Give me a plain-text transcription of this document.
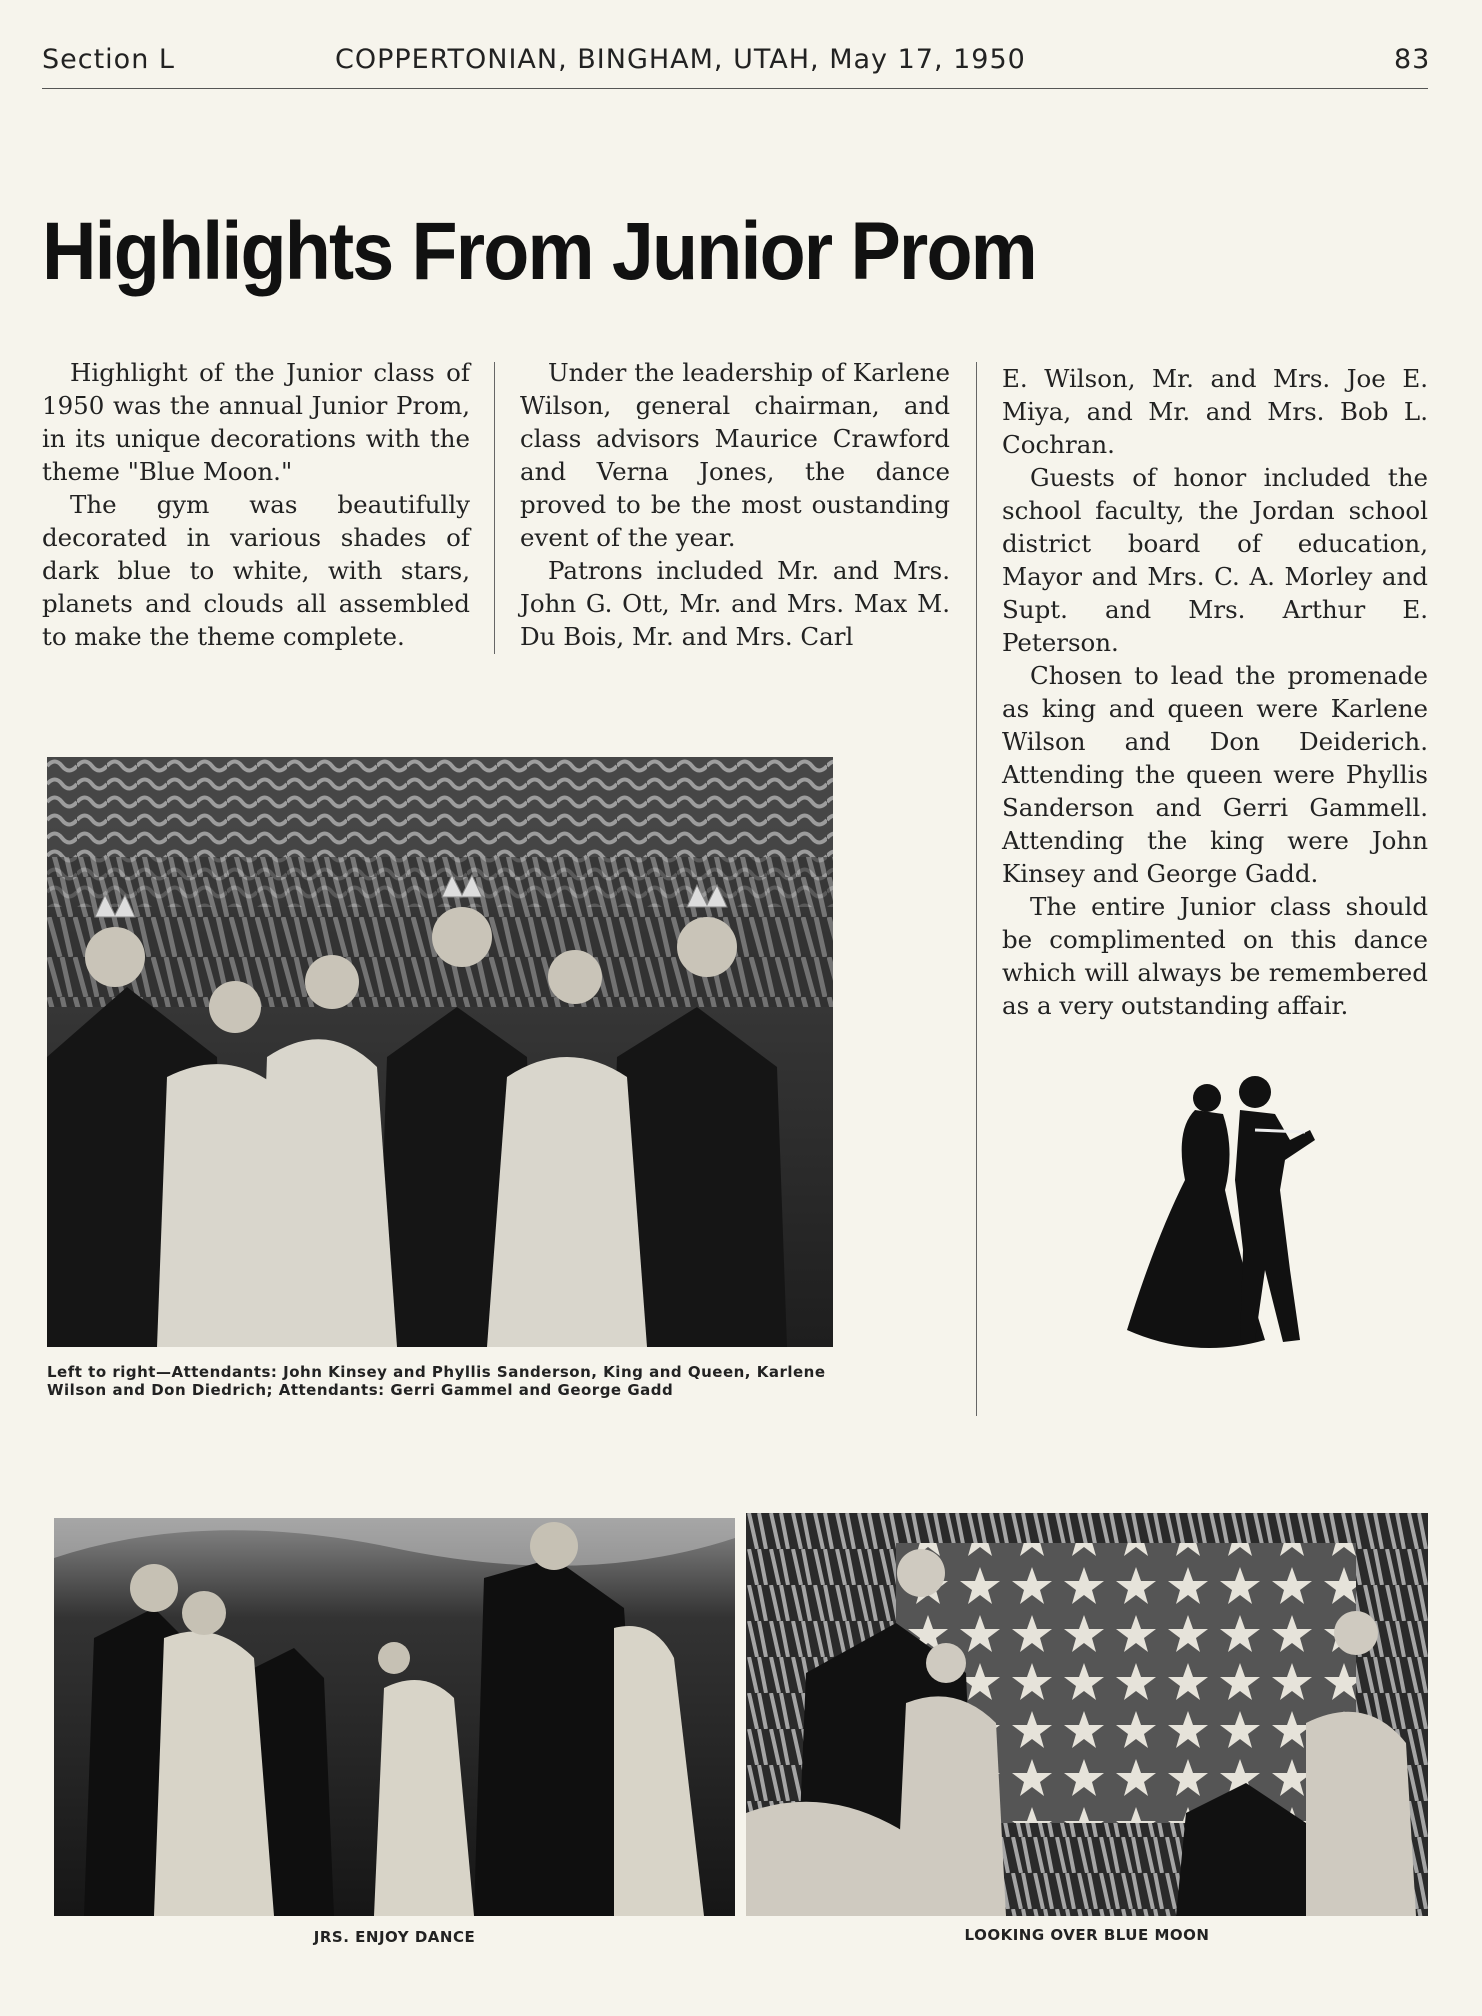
Section L	COPPERTONIAN, BINGHAM, UTAH, May 17, 1950	83
Highlights From Junior Prom

Highlight of the Junior class of 1950 was the annual Junior Prom, in its unique decorations with the theme "Blue Moon."

The gym was beautifully decorated in various shades of dark blue to white, with stars, planets and clouds all assembled to make the theme complete.

Under the leadership of Karlene Wilson, general chairman, and class advisors Maurice Crawford and Verna Jones, the dance proved to be the most oustanding event of the year.

Patrons included Mr. and Mrs. John G. Ott, Mr. and Mrs. Max M. Du Bois, Mr. and Mrs. Carl

E. Wilson, Mr. and Mrs. Joe E. Miya, and Mr. and Mrs. Bob L. Cochran.

Guests of honor included the school faculty, the Jordan school district board of education, Mayor and Mrs. C. A. Morley and Supt. and Mrs. Arthur E. Peterson.

Chosen to lead the promenade as king and queen were Karlene Wilson and Don Deiderich. Attending the queen were Phyllis Sanderson and Gerri Gammell. Attending the king were John Kinsey and George Gadd.

The entire Junior class should be complimented on this dance which will always be remembered as a very outstanding affair.

Left to right—Attendants: John Kinsey and Phyllis Sanderson, King and Queen, Karlene Wilson and Don Diedrich; Attendants: Gerri Gammel and George Gadd
JRS. ENJOY DANCE	LOOKING OVER BLUE MOON
